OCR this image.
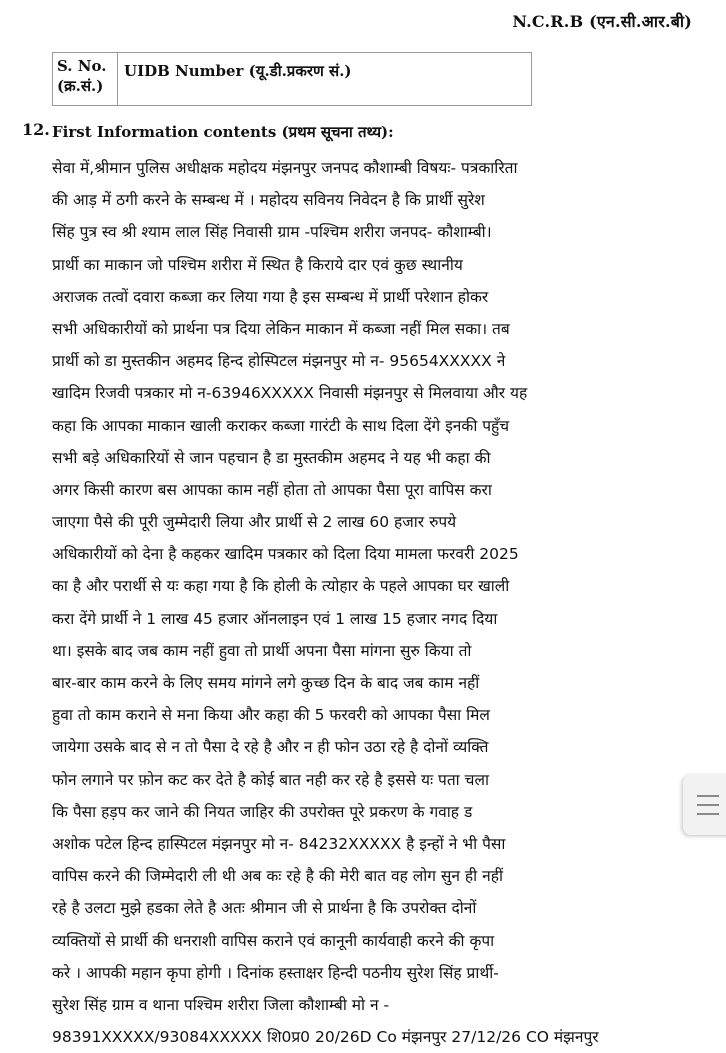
N.C.R.B (एन.सी.आर.बी)
S. No.
(क्र.सं.)
	UIDB Number (यू.डी.प्रकरण सं.)
12. First Information contents (प्रथम सूचना तथ्य):
सेवा में,श्रीमान पुलिस अधीक्षक महोदय मंझनपुर जनपद कौशाम्बी विषयः- पत्रकारिता
की आड़ में ठगी करने के सम्बन्ध में । महोदय सविनय निवेदन है कि प्रार्थी सुरेश
सिंह पुत्र स्व श्री श्याम लाल सिंह निवासी ग्राम -पश्चिम शरीरा जनपद- कौशाम्बी।
प्रार्थी का माकान जो पश्चिम शरीरा में स्थित है किराये दार एवं कुछ स्थानीय
अराजक तत्वों दवारा कब्जा कर लिया गया है इस सम्बन्ध में प्रार्थी परेशान होकर
सभी अधिकारीयों को प्रार्थना पत्र दिया लेकिन माकान में कब्जा नहीं मिल सका। तब
प्रार्थी को डा मुस्तकीन अहमद हिन्द होस्पिटल मंझनपुर मो न- 95654XXXXX ने
खादिम रिजवी पत्रकार मो न-63946XXXXX निवासी मंझनपुर से मिलवाया और यह
कहा कि आपका माकान खाली कराकर कब्जा गारंटी के साथ दिला देंगे इनकी पहुँच
सभी बड़े अधिकारियों से जान पहचान है डा मुस्तकीम अहमद ने यह भी कहा की
अगर किसी कारण बस आपका काम नहीं होता तो आपका पैसा पूरा वापिस करा
जाएगा पैसे की पूरी जुम्मेदारी लिया और प्रार्थी से 2 लाख 60 हजार रुपये
अधिकारीयों को देना है कहकर खादिम पत्रकार को दिला दिया मामला फरवरी 2025
का है और परार्थी से यः कहा गया है कि होली के त्योहार के पहले आपका घर खाली
करा देंगे प्रार्थी ने 1 लाख 45 हजार ऑनलाइन एवं 1 लाख 15 हजार नगद दिया
था। इसके बाद जब काम नहीं हुवा तो प्रार्थी अपना पैसा मांगना सुरु किया तो
बार-बार काम करने के लिए समय मांगने लगे कुच्छ दिन के बाद जब काम नहीं
हुवा तो काम कराने से मना किया और कहा की 5 फरवरी को आपका पैसा मिल
जायेगा उसके बाद से न तो पैसा दे रहे है और न ही फोन उठा रहे है दोनों व्यक्ति
फोन लगाने पर फ़ोन कट कर देते है कोई बात नही कर रहे है इससे यः पता चला
कि पैसा हड़प कर जाने की नियत जाहिर की उपरोक्त पूरे प्रकरण के गवाह ड
अशोक पटेल हिन्द हास्पिटल मंझनपुर मो न- 84232XXXXX है इन्हों ने भी पैसा
वापिस करने की जिम्मेदारी ली थी अब कः रहे है की मेरी बात वह लोग सुन ही नहीं
रहे है उलटा मुझे हडका लेते है अतः श्रीमान जी से प्रार्थना है कि उपरोक्त दोनों
व्यक्तियों से प्रार्थी की धनराशी वापिस कराने एवं कानूनी कार्यवाही करने की कृपा
करे । आपकी महान कृपा होगी । दिनांक हस्ताक्षर हिन्दी पठनीय सुरेश सिंह प्रार्थी-
सुरेश सिंह ग्राम व थाना पश्चिम शरीरा जिला कौशाम्बी मो न -
98391XXXXX/93084XXXXX शि0प्र0 20/26D Co मंझनपुर 27/12/26 CO मंझनपुर
